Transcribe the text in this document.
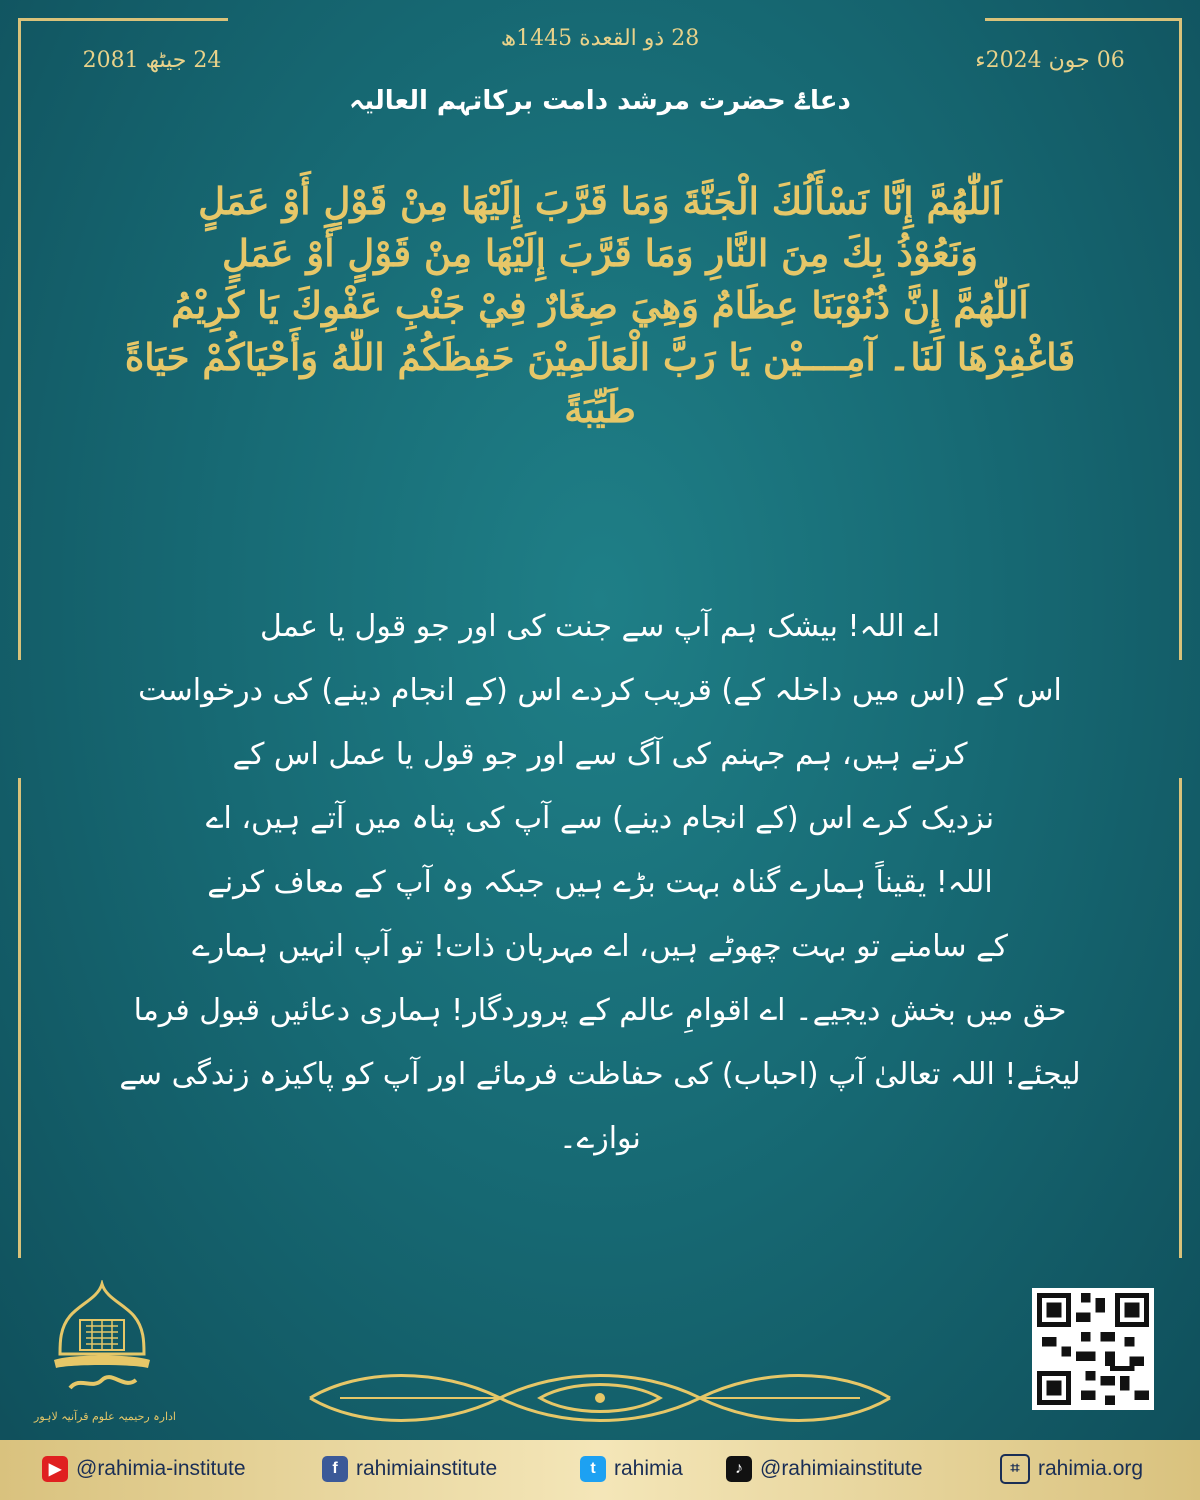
28 ذو القعدة 1445ھ
24 جیٹھ 2081	06 جون 2024ء
دعاۓ حضرت مرشد دامت برکاتہم العالیہ
اَللّٰهُمَّ إِنَّا نَسْأَلُكَ الْجَنَّةَ وَمَا قَرَّبَ إِلَيْهَا مِنْ قَوْلٍ أَوْ عَمَلٍ
وَنَعُوْذُ بِكَ مِنَ النَّارِ وَمَا قَرَّبَ إِلَيْهَا مِنْ قَوْلٍ أَوْ عَمَلٍ
اَللّٰهُمَّ إِنَّ ذُنُوْبَنَا عِظَامٌ وَهِيَ صِغَارٌ فِيْ جَنْبِ عَفْوِكَ يَا كَرِيْمُ
فَاغْفِرْهَا لَنَا۔ آمِــــيْن يَا رَبَّ الْعَالَمِيْنَ حَفِظَكُمُ اللّٰهُ وَأَحْيَاكُمْ حَيَاةً
طَيِّبَةً
اے اللہ! بیشک ہم آپ سے جنت کی اور جو قول یا عمل
اس کے (اس میں داخلہ کے) قریب کردے اس (کے انجام دینے) کی درخواست
کرتے ہیں، ہم جہنم کی آگ سے اور جو قول یا عمل اس کے
نزدیک کرے اس (کے انجام دینے) سے آپ کی پناہ میں آتے ہیں، اے
اللہ! یقیناً ہمارے گناہ بہت بڑے ہیں جبکہ وہ آپ کے معاف کرنے
کے سامنے تو بہت چھوٹے ہیں، اے مہربان ذات! تو آپ انہیں ہمارے
حق میں بخش دیجیے۔ اے اقوامِ عالم کے پروردگار! ہماری دعائیں قبول فرما
لیجئے! اللہ تعالیٰ آپ (احباب) کی حفاظت فرمائے اور آپ کو پاکیزہ زندگی سے
نوازے۔
ادارہ رحیمیہ علوم قرآنیہ لاہور
▶ @rahimia-institute	f rahimiainstitute	t rahimia	♪ @rahimiainstitute	⌗ rahimia.org
